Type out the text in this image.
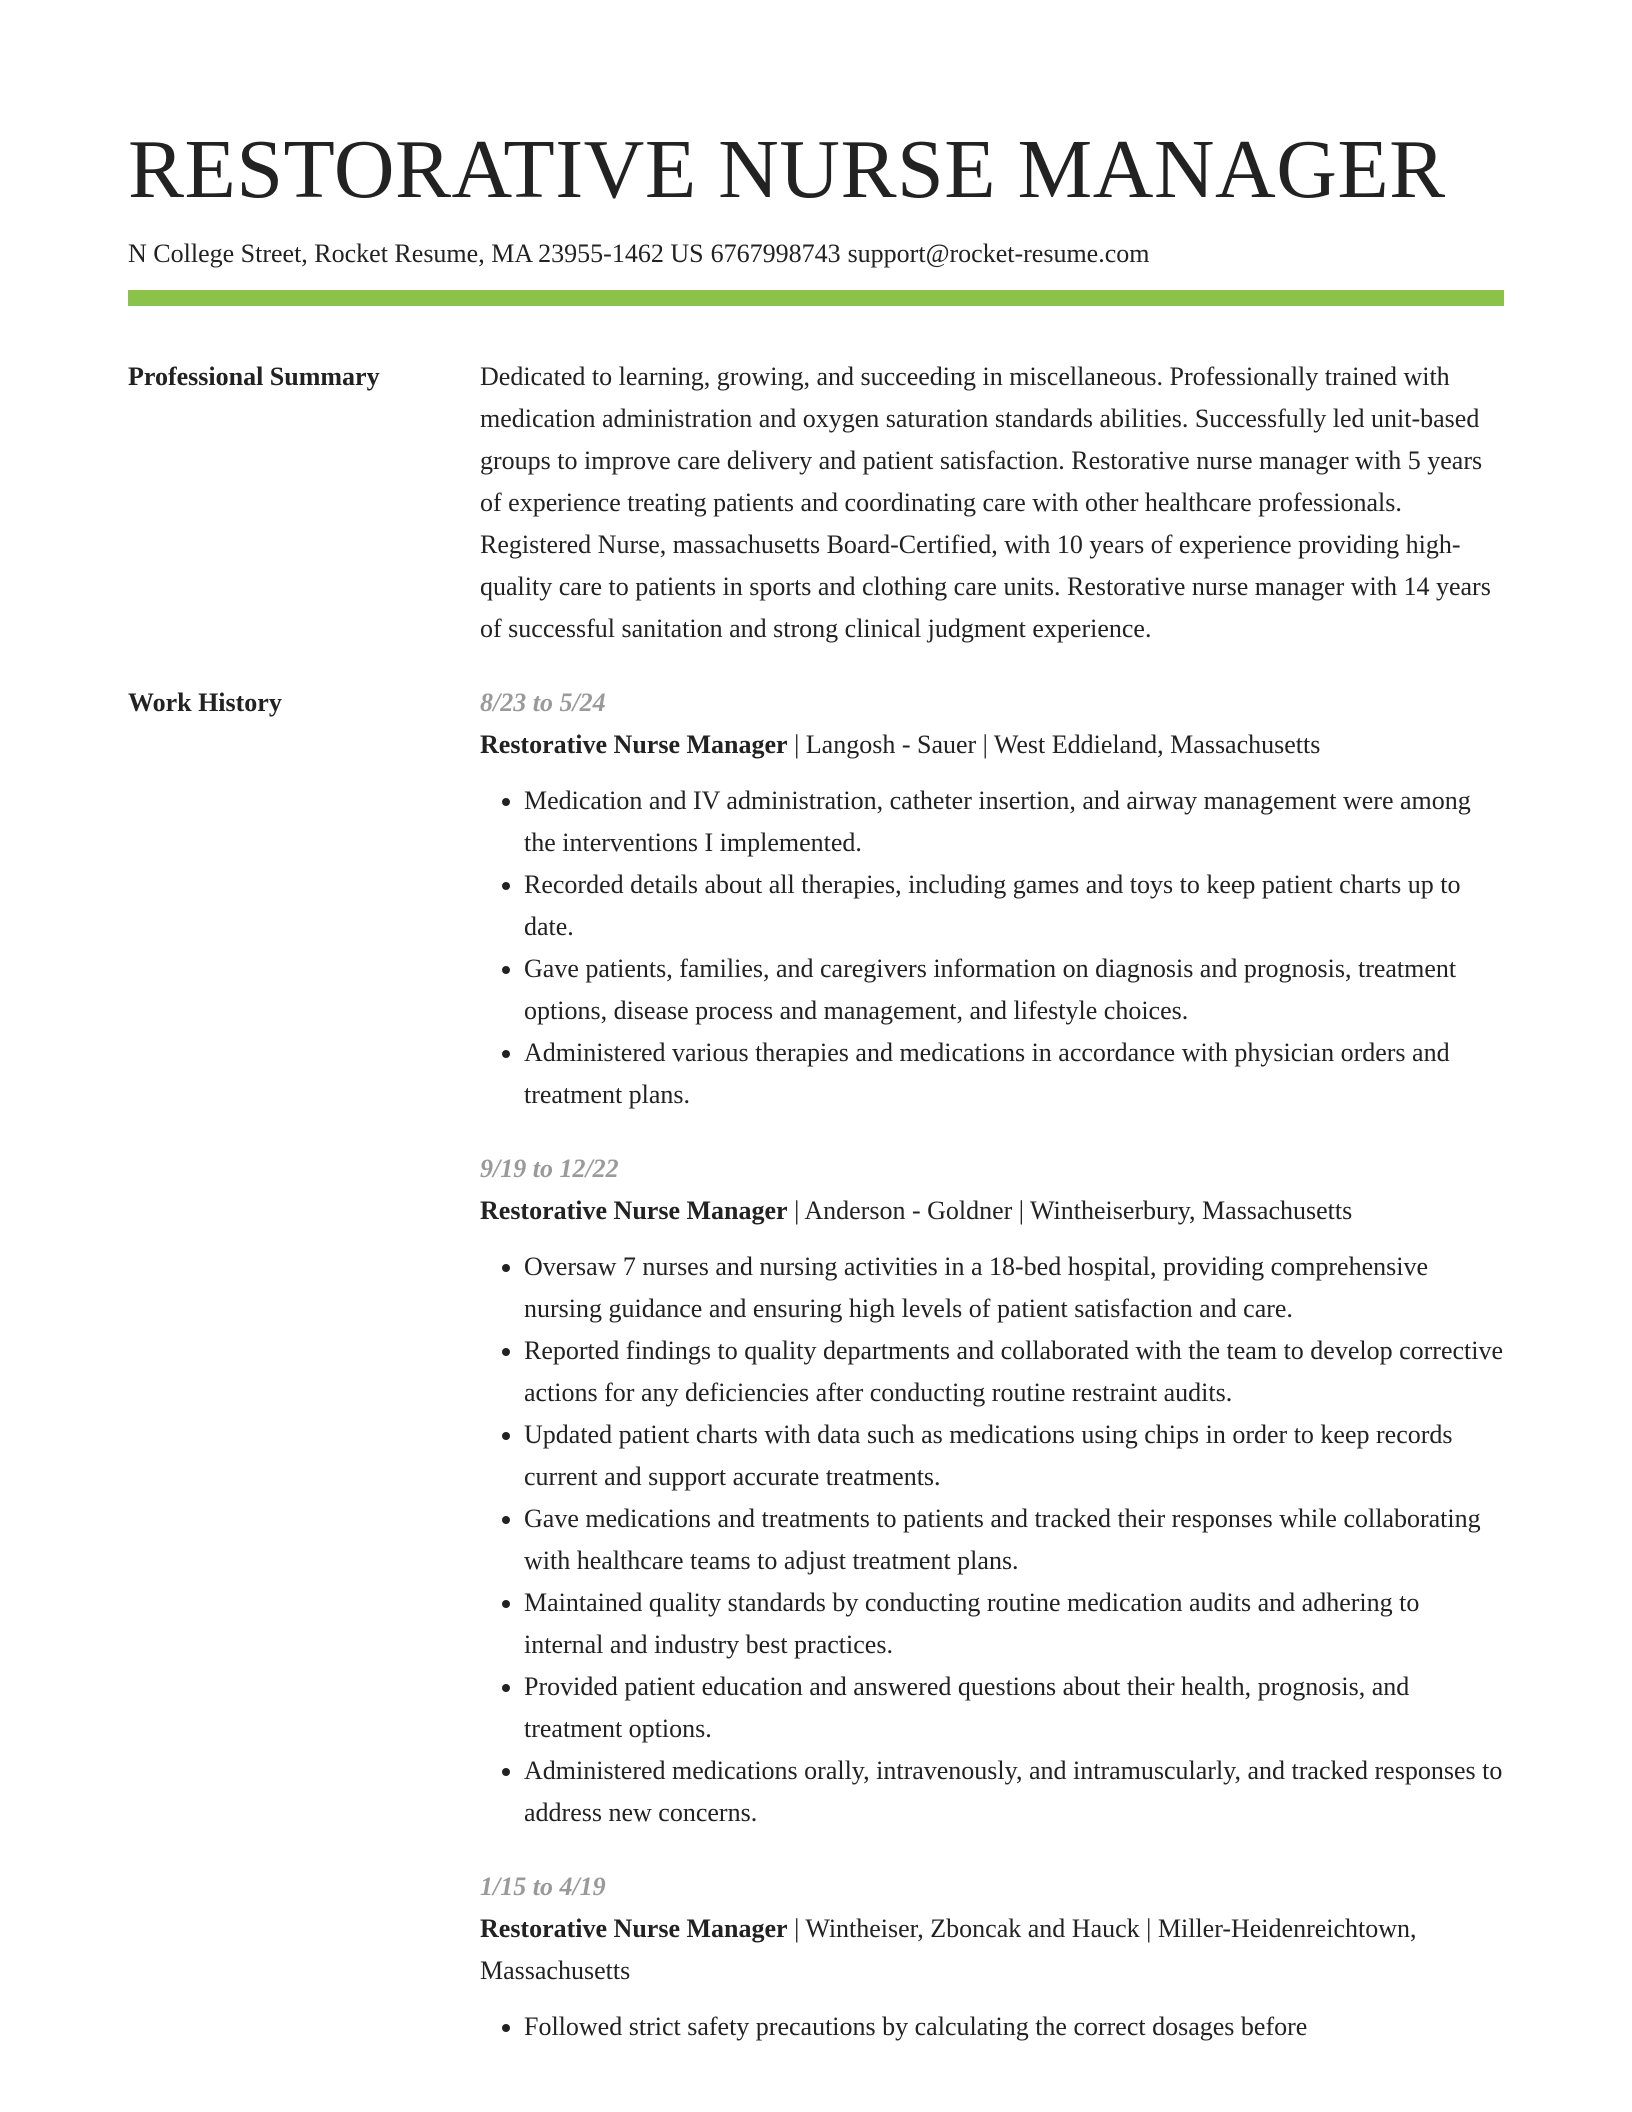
RESTORATIVE NURSE MANAGER
N College Street, Rocket Resume, MA 23955-1462 US 6767998743 support@rocket-resume.com
Professional Summary	Dedicated to learning, growing, and succeeding in miscellaneous. Professionally trained with medication administration and oxygen saturation standards abilities. Successfully led unit-based groups to improve care delivery and patient satisfaction. Restorative nurse manager with 5 years of experience treating patients and coordinating care with other healthcare professionals. Registered Nurse, massachusetts Board-Certified, with 10 years of experience providing high-quality care to patients in sports and clothing care units. Restorative nurse manager with 14 years of successful sanitation and strong clinical judgment experience.
Work History	8/23 to 5/24
Restorative Nurse Manager | Langosh - Sauer | West Eddieland, Massachusetts
• Medication and IV administration, catheter insertion, and airway management were among the interventions I implemented.
• Recorded details about all therapies, including games and toys to keep patient charts up to date.
• Gave patients, families, and caregivers information on diagnosis and prognosis, treatment options, disease process and management, and lifestyle choices.
• Administered various therapies and medications in accordance with physician orders and treatment plans.
9/19 to 12/22
Restorative Nurse Manager | Anderson - Goldner | Wintheiserbury, Massachusetts
• Oversaw 7 nurses and nursing activities in a 18-bed hospital, providing comprehensive nursing guidance and ensuring high levels of patient satisfaction and care.
• Reported findings to quality departments and collaborated with the team to develop corrective actions for any deficiencies after conducting routine restraint audits.
• Updated patient charts with data such as medications using chips in order to keep records current and support accurate treatments.
• Gave medications and treatments to patients and tracked their responses while collaborating with healthcare teams to adjust treatment plans.
• Maintained quality standards by conducting routine medication audits and adhering to internal and industry best practices.
• Provided patient education and answered questions about their health, prognosis, and treatment options.
• Administered medications orally, intravenously, and intramuscularly, and tracked responses to address new concerns.
1/15 to 4/19
Restorative Nurse Manager | Wintheiser, Zboncak and Hauck | Miller-Heidenreichtown, Massachusetts
• Followed strict safety precautions by calculating the correct dosages before
